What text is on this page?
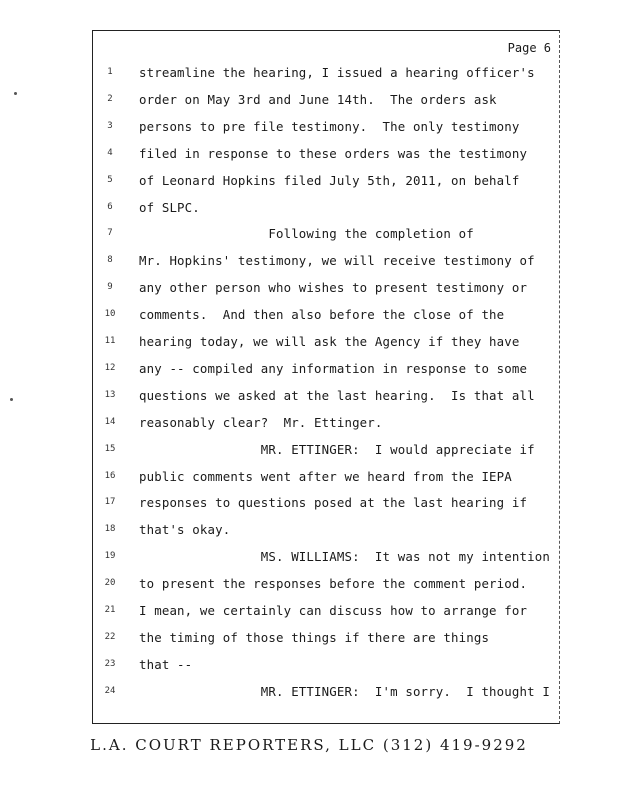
Page 6
1	streamline the hearing, I issued a hearing officer's
2	order on May 3rd and June 14th.  The orders ask
3	persons to pre file testimony.  The only testimony
4	filed in response to these orders was the testimony
5	of Leonard Hopkins filed July 5th, 2011, on behalf
6	of SLPC.
7	Following the completion of
8	Mr. Hopkins' testimony, we will receive testimony of
9	any other person who wishes to present testimony or
10	comments.  And then also before the close of the
11	hearing today, we will ask the Agency if they have
12	any -- compiled any information in response to some
13	questions we asked at the last hearing.  Is that all
14	reasonably clear?  Mr. Ettinger.
15	MR. ETTINGER:  I would appreciate if
16	public comments went after we heard from the IEPA
17	responses to questions posed at the last hearing if
18	that's okay.
19	MS. WILLIAMS:  It was not my intention
20	to present the responses before the comment period.
21	I mean, we certainly can discuss how to arrange for
22	the timing of those things if there are things
23	that --
24	MR. ETTINGER:  I'm sorry.  I thought I
L.A. COURT REPORTERS, LLC (312) 419-9292
